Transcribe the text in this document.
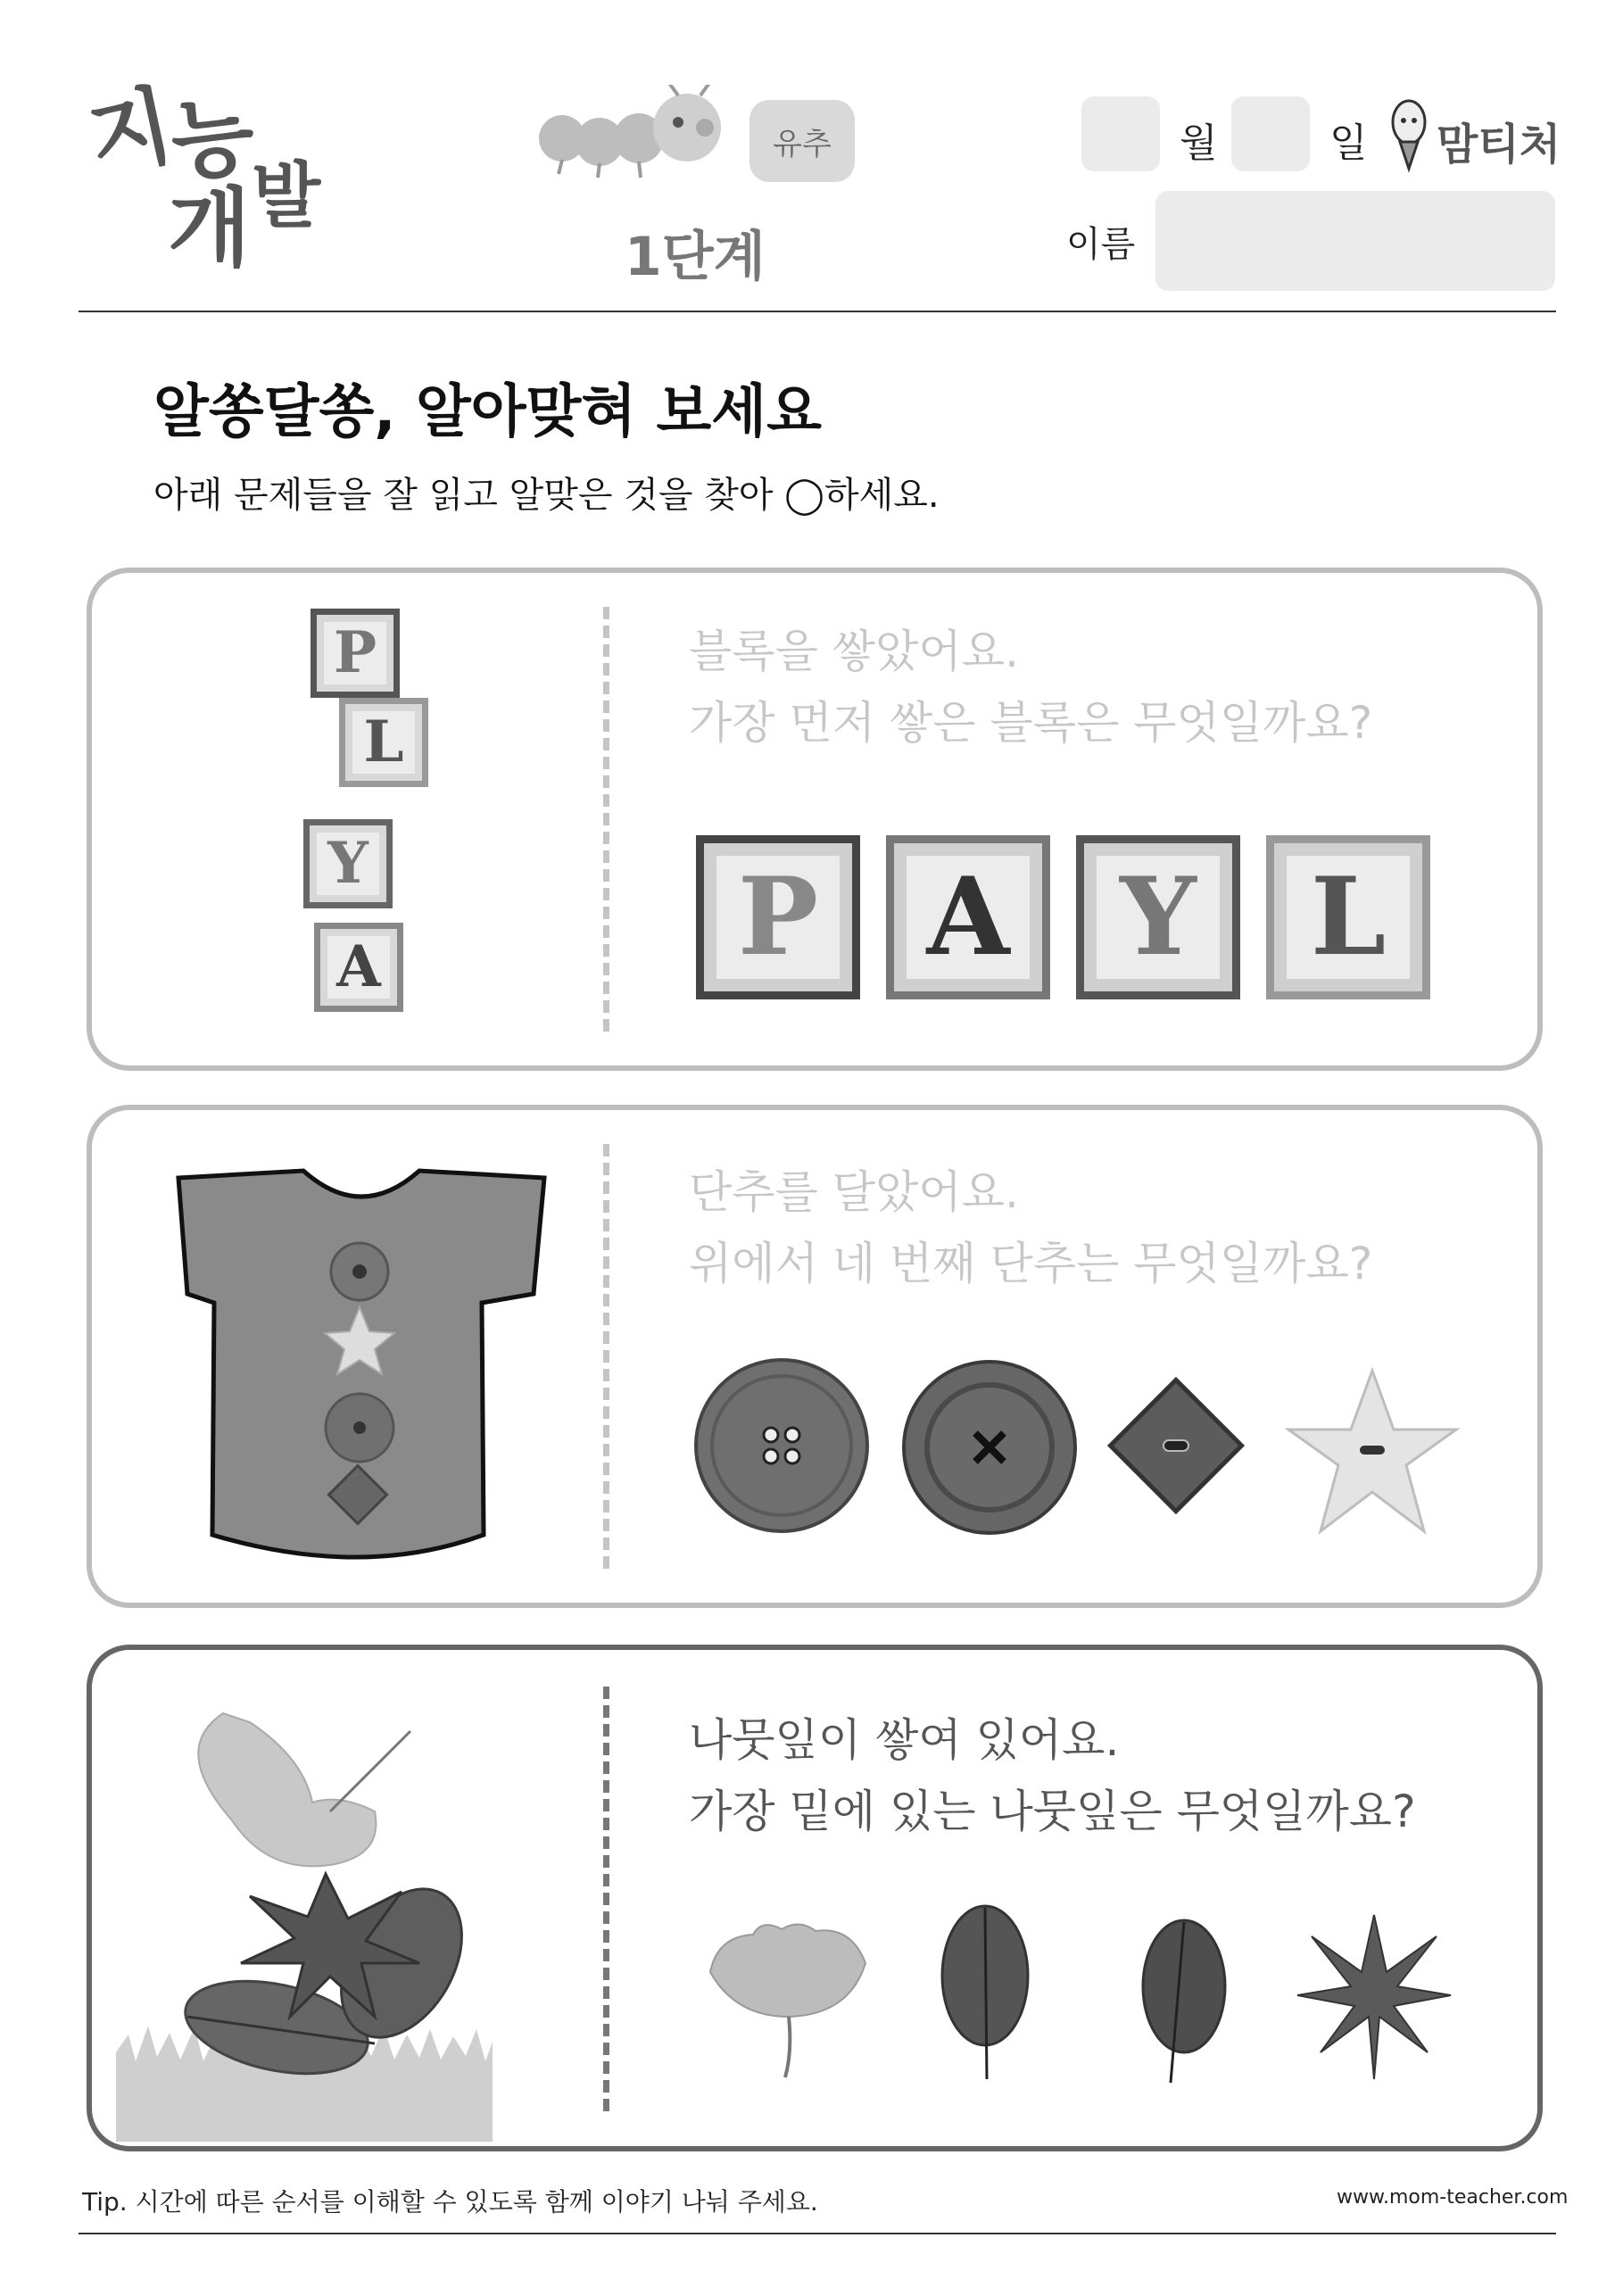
지
능
개 발
유추
1단계
월	일 맘티처
이름
알쏭달쏭, 알아맞혀 보세요
아래 문제들을 잘 읽고 알맞은 것을 찾아 ◯하세요.
P
L
Y
A
블록을 쌓았어요.
가장 먼저 쌓은 블록은 무엇일까요?
P A Y L
단추를 달았어요.
위에서 네 번째 단추는 무엇일까요?
나뭇잎이 쌓여 있어요.
가장 밑에 있는 나뭇잎은 무엇일까요?
Tip. 시간에 따른 순서를 이해할 수 있도록 함께 이야기 나눠 주세요.	www.mom-teacher.com
